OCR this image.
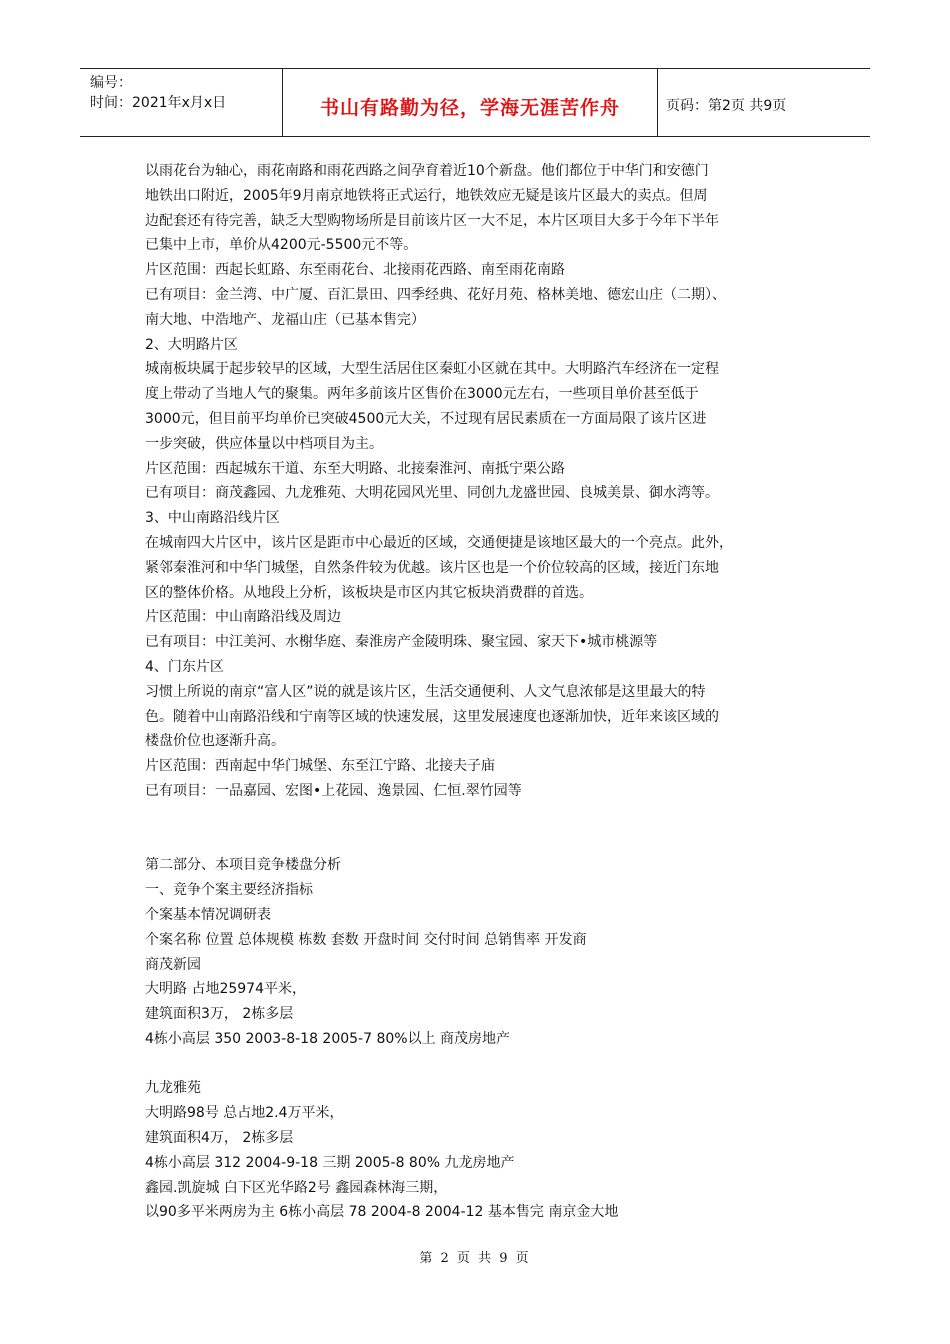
编号：
时间：2021年x月x日	书山有路勤为径，学海无涯苦作舟	页码：第2页 共9页

以雨花台为轴心，雨花南路和雨花西路之间孕育着近10个新盘。他们都位于中华门和安德门

地铁出口附近，2005年9月南京地铁将正式运行，地铁效应无疑是该片区最大的卖点。但周

边配套还有待完善，缺乏大型购物场所是目前该片区一大不足，本片区项目大多于今年下半年

已集中上市，单价从4200元-5500元不等。

片区范围：西起长虹路、东至雨花台、北接雨花西路、南至雨花南路

已有项目：金兰湾、中广厦、百汇景田、四季经典、花好月苑、格林美地、德宏山庄（二期）、

南大地、中浩地产、龙福山庄（已基本售完）

2、大明路片区

城南板块属于起步较早的区域，大型生活居住区秦虹小区就在其中。大明路汽车经济在一定程

度上带动了当地人气的聚集。两年多前该片区售价在3000元左右，一些项目单价甚至低于

3000元，但目前平均单价已突破4500元大关，不过现有居民素质在一方面局限了该片区进

一步突破，供应体量以中档项目为主。

片区范围：西起城东干道、东至大明路、北接秦淮河、南抵宁栗公路

已有项目：商茂鑫园、九龙雅苑、大明花园风光里、同创九龙盛世园、良城美景、御水湾等。

3、中山南路沿线片区

在城南四大片区中，该片区是距市中心最近的区域，交通便捷是该地区最大的一个亮点。此外，

紧邻秦淮河和中华门城堡，自然条件较为优越。该片区也是一个价位较高的区域，接近门东地

区的整体价格。从地段上分析，该板块是市区内其它板块消费群的首选。

片区范围：中山南路沿线及周边

已有项目：中江美河、水榭华庭、秦淮房产金陵明珠、聚宝园、家天下•城市桃源等

4、门东片区

习惯上所说的南京“富人区”说的就是该片区，生活交通便利、人文气息浓郁是这里最大的特

色。随着中山南路沿线和宁南等区域的快速发展，这里发展速度也逐渐加快，近年来该区域的

楼盘价位也逐渐升高。

片区范围：西南起中华门城堡、东至江宁路、北接夫子庙

已有项目：一品嘉园、宏图•上花园、逸景园、仁恒.翠竹园等

第二部分、本项目竞争楼盘分析

一、竞争个案主要经济指标

个案基本情况调研表

个案名称 位置 总体规模 栋数 套数 开盘时间 交付时间 总销售率 开发商

商茂新园

大明路 占地25974平米，

建筑面积3万， 2栋多层

4栋小高层 350 2003-8-18 2005-7 80%以上 商茂房地产

九龙雅苑

大明路98号 总占地2.4万平米，

建筑面积4万， 2栋多层

4栋小高层 312 2004-9-18 三期 2005-8 80% 九龙房地产

鑫园.凯旋城 白下区光华路2号 鑫园森林海三期，

以90多平米两房为主 6栋小高层 78 2004-8 2004-12 基本售完 南京金大地

第 2 页 共 9 页
